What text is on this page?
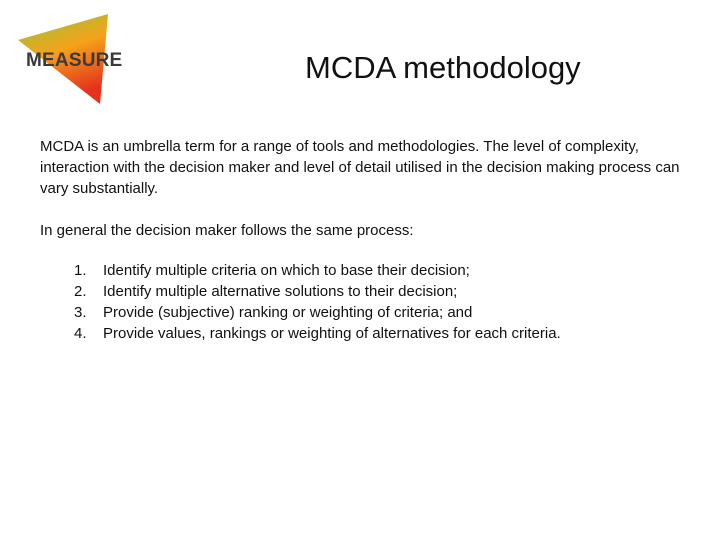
MEASURE	MCDA methodology

MCDA is an umbrella term for a range of tools and methodologies. The level of complexity, interaction with the decision maker and level of detail utilised in the decision making process can vary substantially.

In general the decision maker follows the same process:

1.	Identify multiple criteria on which to base their decision;
2.	Identify multiple alternative solutions to their decision;
3.	Provide (subjective) ranking or weighting of criteria; and
4.	Provide values, rankings or weighting of alternatives for each criteria.
